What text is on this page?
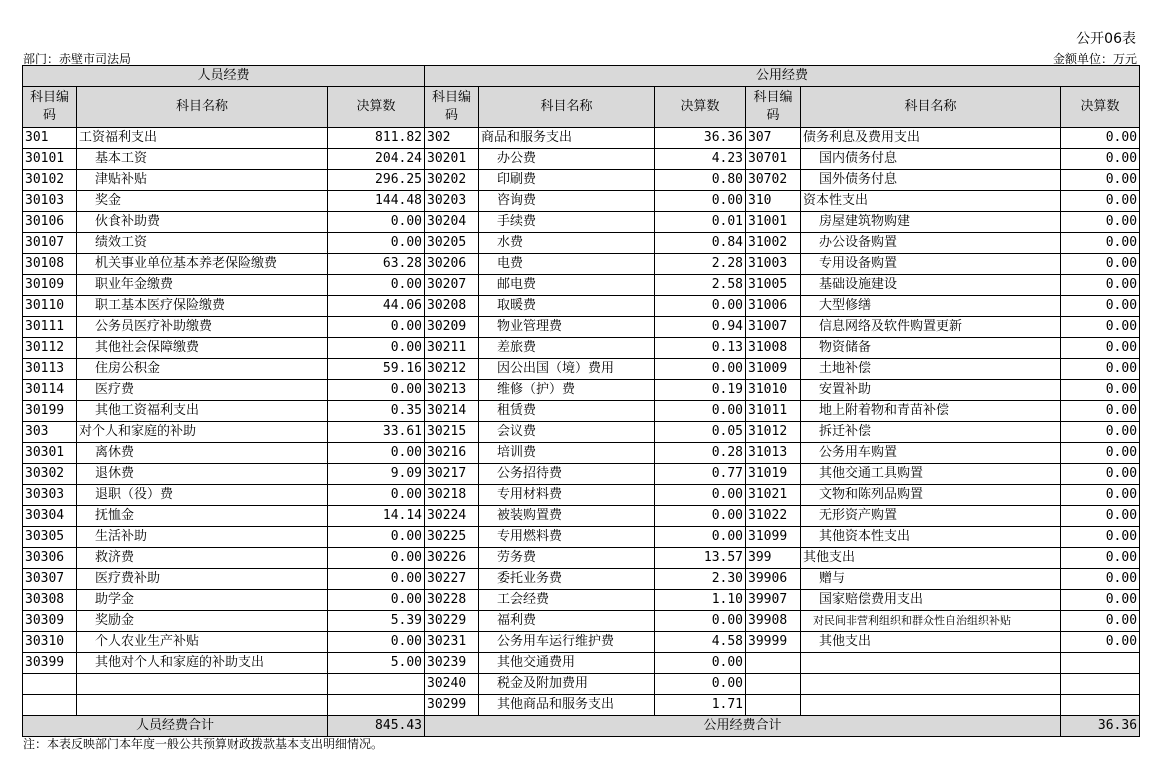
公开06表
部门：赤壁市司法局	金额单位：万元
人员经费			公用经费					
科目编码	科目名称	决算数	科目编码	科目名称	决算数	科目编码	科目名称	决算数
301	工资福利支出	811.82	302	商品和服务支出	36.36	307	债务利息及费用支出	0.00
30101	基本工资	204.24	30201	办公费	4.23	30701	国内债务付息	0.00
30102	津贴补贴	296.25	30202	印刷费	0.80	30702	国外债务付息	0.00
30103	奖金	144.48	30203	咨询费	0.00	310	资本性支出	0.00
30106	伙食补助费	0.00	30204	手续费	0.01	31001	房屋建筑物购建	0.00
30107	绩效工资	0.00	30205	水费	0.84	31002	办公设备购置	0.00
30108	机关事业单位基本养老保险缴费	63.28	30206	电费	2.28	31003	专用设备购置	0.00
30109	职业年金缴费	0.00	30207	邮电费	2.58	31005	基础设施建设	0.00
30110	职工基本医疗保险缴费	44.06	30208	取暖费	0.00	31006	大型修缮	0.00
30111	公务员医疗补助缴费	0.00	30209	物业管理费	0.94	31007	信息网络及软件购置更新	0.00
30112	其他社会保障缴费	0.00	30211	差旅费	0.13	31008	物资储备	0.00
30113	住房公积金	59.16	30212	因公出国（境）费用	0.00	31009	土地补偿	0.00
30114	医疗费	0.00	30213	维修（护）费	0.19	31010	安置补助	0.00
30199	其他工资福利支出	0.35	30214	租赁费	0.00	31011	地上附着物和青苗补偿	0.00
303	对个人和家庭的补助	33.61	30215	会议费	0.05	31012	拆迁补偿	0.00
30301	离休费	0.00	30216	培训费	0.28	31013	公务用车购置	0.00
30302	退休费	9.09	30217	公务招待费	0.77	31019	其他交通工具购置	0.00
30303	退职（役）费	0.00	30218	专用材料费	0.00	31021	文物和陈列品购置	0.00
30304	抚恤金	14.14	30224	被装购置费	0.00	31022	无形资产购置	0.00
30305	生活补助	0.00	30225	专用燃料费	0.00	31099	其他资本性支出	0.00
30306	救济费	0.00	30226	劳务费	13.57	399	其他支出	0.00
30307	医疗费补助	0.00	30227	委托业务费	2.30	39906	赠与	0.00
30308	助学金	0.00	30228	工会经费	1.10	39907	国家赔偿费用支出	0.00
30309	奖励金	5.39	30229	福利费	0.00	39908	对民间非营利组织和群众性自治组织补贴	0.00
30310	个人农业生产补贴	0.00	30231	公务用车运行维护费	4.58	39999	其他支出	0.00
30399	其他对个人和家庭的补助支出	5.00	30239	其他交通费用	0.00			
			30240	税金及附加费用	0.00			
			30299	其他商品和服务支出	1.71			
人员经费合计		845.43	公用经费合计					36.36
注：本表反映部门本年度一般公共预算财政拨款基本支出明细情况。
